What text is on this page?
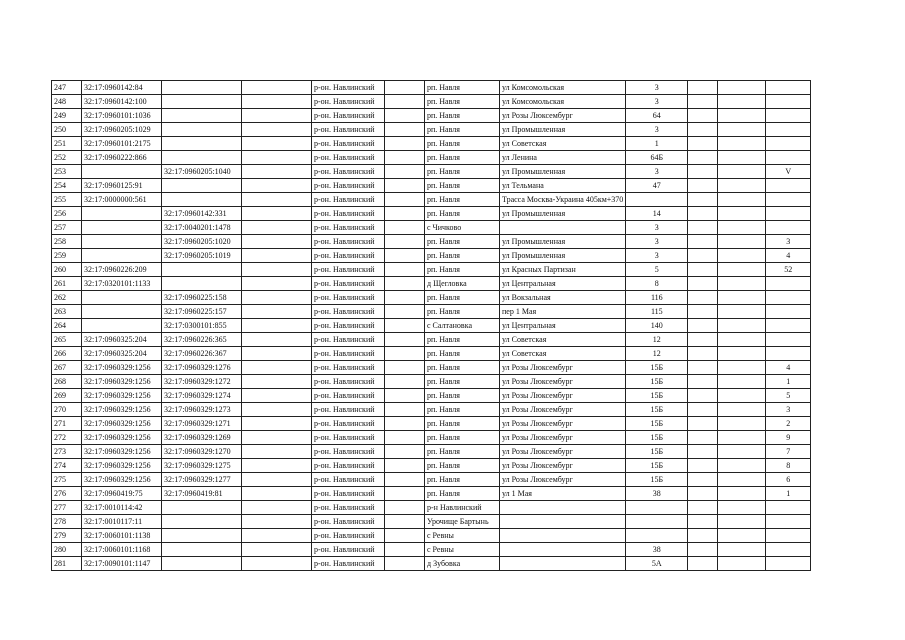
247	32:17:0960142:84			р-он. Навлинский		рп. Навля	ул Комсомольская	3			
248	32:17:0960142:100			р-он. Навлинский		рп. Навля	ул Комсомольская	3			
249	32:17:0960101:1036			р-он. Навлинский		рп. Навля	ул Розы Люксембург	64			
250	32:17:0960205:1029			р-он. Навлинский		рп. Навля	ул Промышленная	3			
251	32:17:0960101:2175			р-он. Навлинский		рп. Навля	ул Советская	1			
252	32:17:0960222:866			р-он. Навлинский		рп. Навля	ул Ленина	64Б			
253		32:17:0960205:1040		р-он. Навлинский		рп. Навля	ул Промышленная	3			V
254	32:17:0960125:91			р-он. Навлинский		рп. Навля	ул Тельмана	47			
255	32:17:0000000:561			р-он. Навлинский		рп. Навля	Трасса Москва-Украина 405км+370				
256		32:17:0960142:331		р-он. Навлинский		рп. Навля	ул Промышленная	14			
257		32:17:0040201:1478		р-он. Навлинский		с Чичково		3			
258		32:17:0960205:1020		р-он. Навлинский		рп. Навля	ул Промышленная	3			3
259		32:17:0960205:1019		р-он. Навлинский		рп. Навля	ул Промышленная	3			4
260	32:17:0960226:209			р-он. Навлинский		рп. Навля	ул Красных Партизан	5			52
261	32:17:0320101:1133			р-он. Навлинский		д Щегловка	ул Центральная	8			
262		32:17:0960225:158		р-он. Навлинский		рп. Навля	ул Вокзальная	116			
263		32:17:0960225:157		р-он. Навлинский		рп. Навля	пер 1 Мая	115			
264		32:17:0300101:855		р-он. Навлинский		с Салтановка	ул Центральная	140			
265	32:17:0960325:204	32:17:0960226:365		р-он. Навлинский		рп. Навля	ул Советская	12			
266	32:17:0960325:204	32:17:0960226:367		р-он. Навлинский		рп. Навля	ул Советская	12			
267	32:17:0960329:1256	32:17:0960329:1276		р-он. Навлинский		рп. Навля	ул Розы Люксембург	15Б			4
268	32:17:0960329:1256	32:17:0960329:1272		р-он. Навлинский		рп. Навля	ул Розы Люксембург	15Б			1
269	32:17:0960329:1256	32:17:0960329:1274		р-он. Навлинский		рп. Навля	ул Розы Люксембург	15Б			5
270	32:17:0960329:1256	32:17:0960329:1273		р-он. Навлинский		рп. Навля	ул Розы Люксембург	15Б			3
271	32:17:0960329:1256	32:17:0960329:1271		р-он. Навлинский		рп. Навля	ул Розы Люксембург	15Б			2
272	32:17:0960329:1256	32:17:0960329:1269		р-он. Навлинский		рп. Навля	ул Розы Люксембург	15Б			9
273	32:17:0960329:1256	32:17:0960329:1270		р-он. Навлинский		рп. Навля	ул Розы Люксембург	15Б			7
274	32:17:0960329:1256	32:17:0960329:1275		р-он. Навлинский		рп. Навля	ул Розы Люксембург	15Б			8
275	32:17:0960329:1256	32:17:0960329:1277		р-он. Навлинский		рп. Навля	ул Розы Люксембург	15Б			6
276	32:17:0960419:75	32:17:0960419:81		р-он. Навлинский		рп. Навля	ул 1 Мая	38			1
277	32:17:0010114:42			р-он. Навлинский		р-н Навлинский					
278	32:17:0010117:11			р-он. Навлинский		Урочище Бартынь					
279	32:17:0060101:1138			р-он. Навлинский		с Ревны					
280	32:17:0060101:1168			р-он. Навлинский		с Ревны		38			
281	32:17:0090101:1147			р-он. Навлинский		д Зубовка		5А			
